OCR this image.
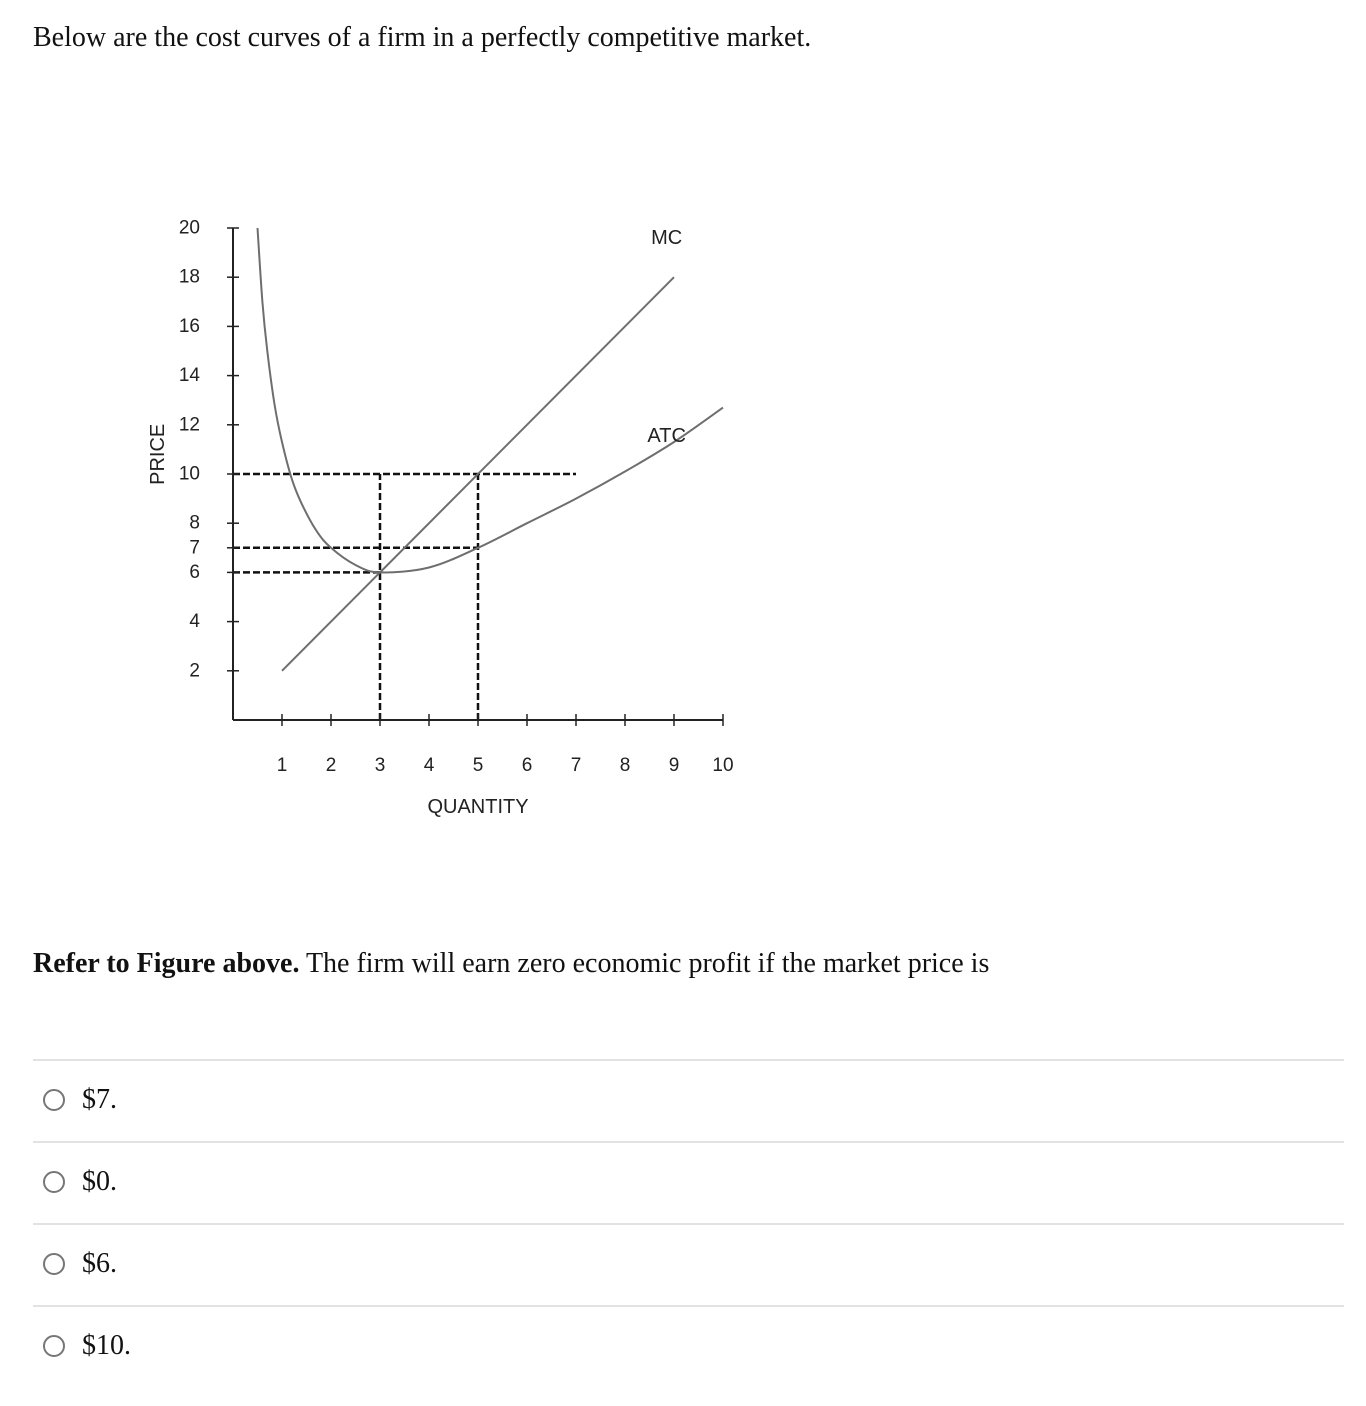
Below are the cost curves of a firm in a perfectly competitive market.

2
4
6
7
8
10
12
14
16
18
20
1 2 3 4 5 6 7 8 9 10
QUANTITY
PRICE
MC
ATC

Refer to Figure above. The firm will earn zero economic profit if the market price is

$7.
$0.
$6.
$10.
